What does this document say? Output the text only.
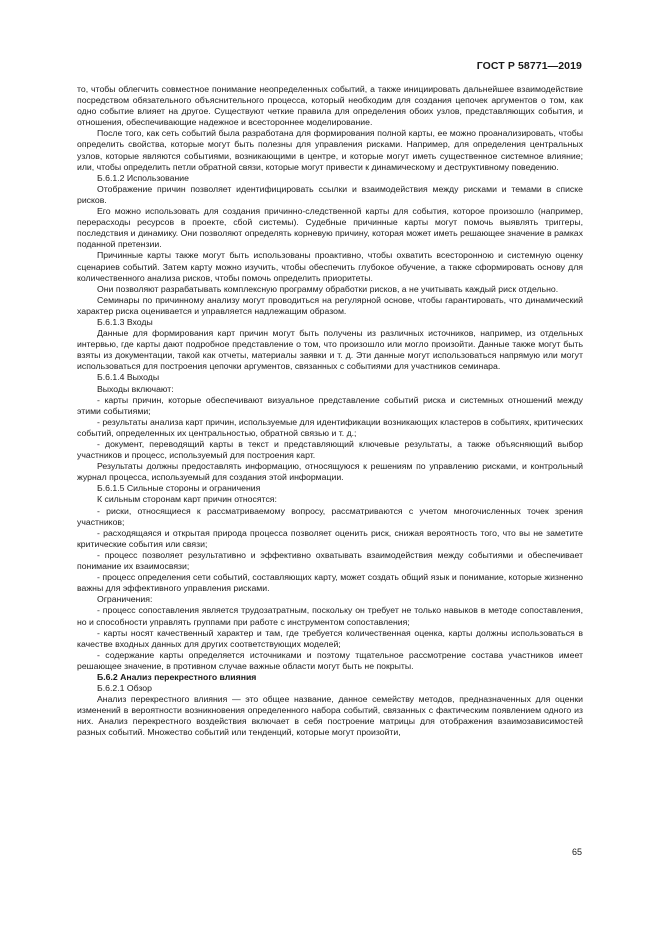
ГОСТ Р 58771—2019

то, чтобы облегчить совместное понимание неопределенных событий, а также инициировать дальнейшее взаимодействие посредством обязательного объяснительного процесса, который необходим для создания цепочек аргументов о том, как одно событие влияет на другое. Существуют четкие правила для определения обоих узлов, представляющих события, и отношения, обеспечивающие надежное и всестороннее моделирование.

После того, как сеть событий была разработана для формирования полной карты, ее можно проанализировать, чтобы определить свойства, которые могут быть полезны для управления рисками. Например, для определения центральных узлов, которые являются событиями, возникающими в центре, и которые могут иметь существенное системное влияние; или, чтобы определить петли обратной связи, которые могут привести к динамическому и деструктивному поведению.

Б.6.1.2 Использование

Отображение причин позволяет идентифицировать ссылки и взаимодействия между рисками и темами в списке рисков.

Его можно использовать для создания причинно-следственной карты для события, которое произошло (например, перерасходы ресурсов в проекте, сбой системы). Судебные причинные карты могут помочь выявлять триггеры, последствия и динамику. Они позволяют определять корневую причину, которая может иметь решающее значение в рамках поданной претензии.

Причинные карты также могут быть использованы проактивно, чтобы охватить всесторонною и системную оценку сценариев событий. Затем карту можно изучить, чтобы обеспечить глубокое обучение, а также сформировать основу для количественного анализа рисков, чтобы помочь определить приоритеты.

Они позволяют разрабатывать комплексную программу обработки рисков, а не учитывать каждый риск отдельно.

Семинары по причинному анализу могут проводиться на регулярной основе, чтобы гарантировать, что динамический характер риска оценивается и управляется надлежащим образом.

Б.6.1.3 Входы

Данные для формирования карт причин могут быть получены из различных источников, например, из отдельных интервью, где карты дают подробное представление о том, что произошло или могло произойти. Данные также могут быть взяты из документации, такой как отчеты, материалы заявки и т. д. Эти данные могут использоваться напрямую или могут использоваться для построения цепочки аргументов, связанных с событиями для участников семинара.

Б.6.1.4 Выходы

Выходы включают:

- карты причин, которые обеспечивают визуальное представление событий риска и системных отношений между этими событиями;

- результаты анализа карт причин, используемые для идентификации возникающих кластеров в событиях, критических событий, определенных их центральностью, обратной связью и т. д.;

- документ, переводящий карты в текст и представляющий ключевые результаты, а также объясняющий выбор участников и процесс, используемый для построения карт.

Результаты должны предоставлять информацию, относящуюся к решениям по управлению рисками, и контрольный журнал процесса, используемый для создания этой информации.

Б.6.1.5 Сильные стороны и ограничения

К сильным сторонам карт причин относятся:

- риски, относящиеся к рассматриваемому вопросу, рассматриваются с учетом многочисленных точек зрения участников;

- расходящаяся и открытая природа процесса позволяет оценить риск, снижая вероятность того, что вы не заметите критические события или связи;

- процесс позволяет результативно и эффективно охватывать взаимодействия между событиями и обеспечивает понимание их взаимосвязи;

- процесс определения сети событий, составляющих карту, может создать общий язык и понимание, которые жизненно важны для эффективного управления рисками.

Ограничения:

- процесс сопоставления является трудозатратным, поскольку он требует не только навыков в методе сопоставления, но и способности управлять группами при работе с инструментом сопоставления;

- карты носят качественный характер и там, где требуется количественная оценка, карты должны использоваться в качестве входных данных для других соответствующих моделей;

- содержание карты определяется источниками и поэтому тщательное рассмотрение состава участников имеет решающее значение, в противном случае важные области могут быть не покрыты.

Б.6.2 Анализ перекрестного влияния

Б.6.2.1 Обзор

Анализ перекрестного влияния — это общее название, данное семейству методов, предназначенных для оценки изменений в вероятности возникновения определенного набора событий, связанных с фактическим появлением одного из них. Анализ перекрестного воздействия включает в себя построение матрицы для отображения взаимозависимостей разных событий. Множество событий или тенденций, которые могут произойти,

65
